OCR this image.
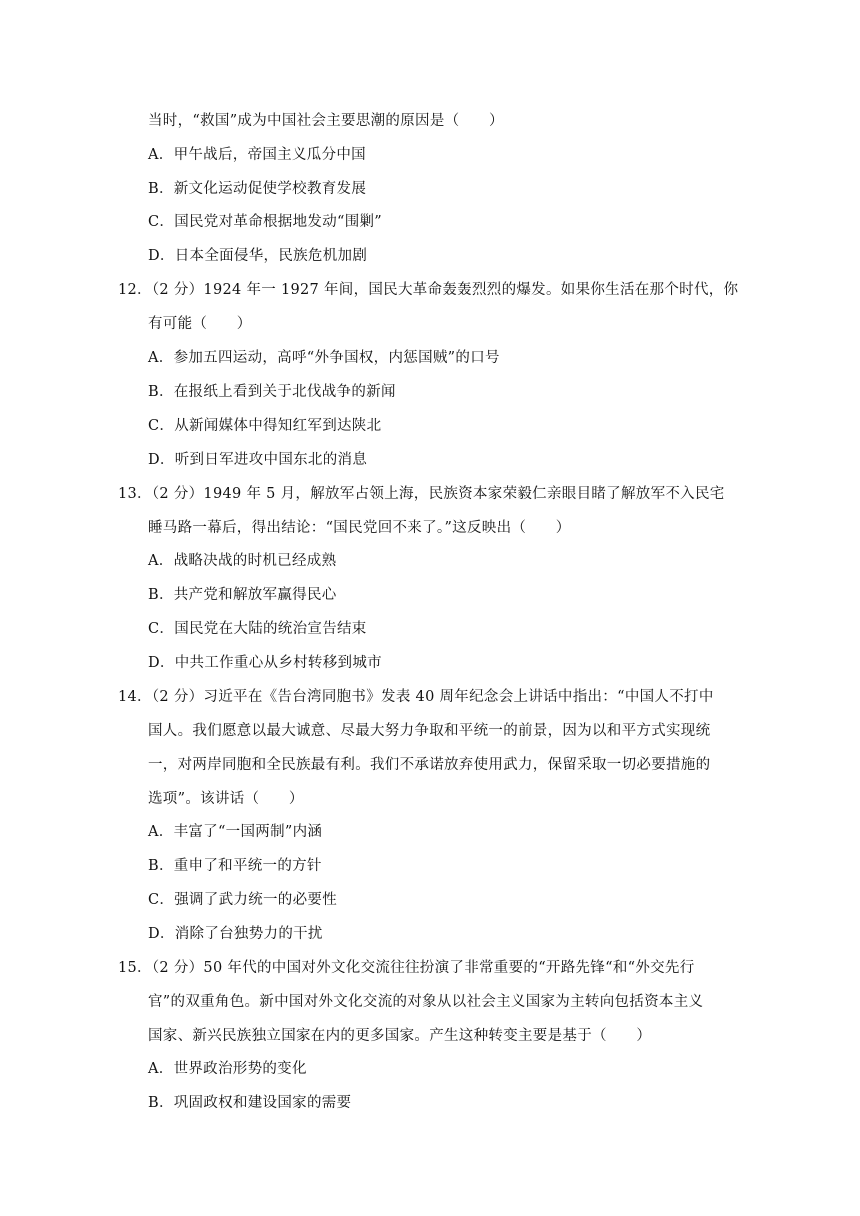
当时，“救国”成为中国社会主要思潮的原因是（　　）
A．甲午战后，帝国主义瓜分中国
B．新文化运动促使学校教育发展
C．国民党对革命根据地发动“围剿”
D．日本全面侵华，民族危机加剧
12．（2 分）1924 年一 1927 年间，国民大革命轰轰烈烈的爆发。如果你生活在那个时代，你
有可能（　　）
A．参加五四运动，高呼“外争国权，内惩国贼”的口号
B．在报纸上看到关于北伐战争的新闻
C．从新闻媒体中得知红军到达陕北
D．听到日军进攻中国东北的消息
13．（2 分）1949 年 5 月，解放军占领上海，民族资本家荣毅仁亲眼目睹了解放军不入民宅
睡马路一幕后，得出结论：“国民党回不来了。”这反映出（　　）
A．战略决战的时机已经成熟
B．共产党和解放军赢得民心
C．国民党在大陆的统治宣告结束
D．中共工作重心从乡村转移到城市
14．（2 分）习近平在《告台湾同胞书》发表 40 周年纪念会上讲话中指出：“中国人不打中
国人。我们愿意以最大诚意、尽最大努力争取和平统一的前景，因为以和平方式实现统
一，对两岸同胞和全民族最有利。我们不承诺放弃使用武力，保留采取一切必要措施的
选项”。该讲话（　　）
A．丰富了“一国两制”内涵
B．重申了和平统一的方针
C．强调了武力统一的必要性
D．消除了台独势力的干扰
15．（2 分）50 年代的中国对外文化交流往往扮演了非常重要的“开路先锋“和“外交先行
官”的双重角色。新中国对外文化交流的对象从以社会主义国家为主转向包括资本主义
国家、新兴民族独立国家在内的更多国家。产生这种转变主要是基于（　　）
A．世界政治形势的变化
B．巩固政权和建设国家的需要
